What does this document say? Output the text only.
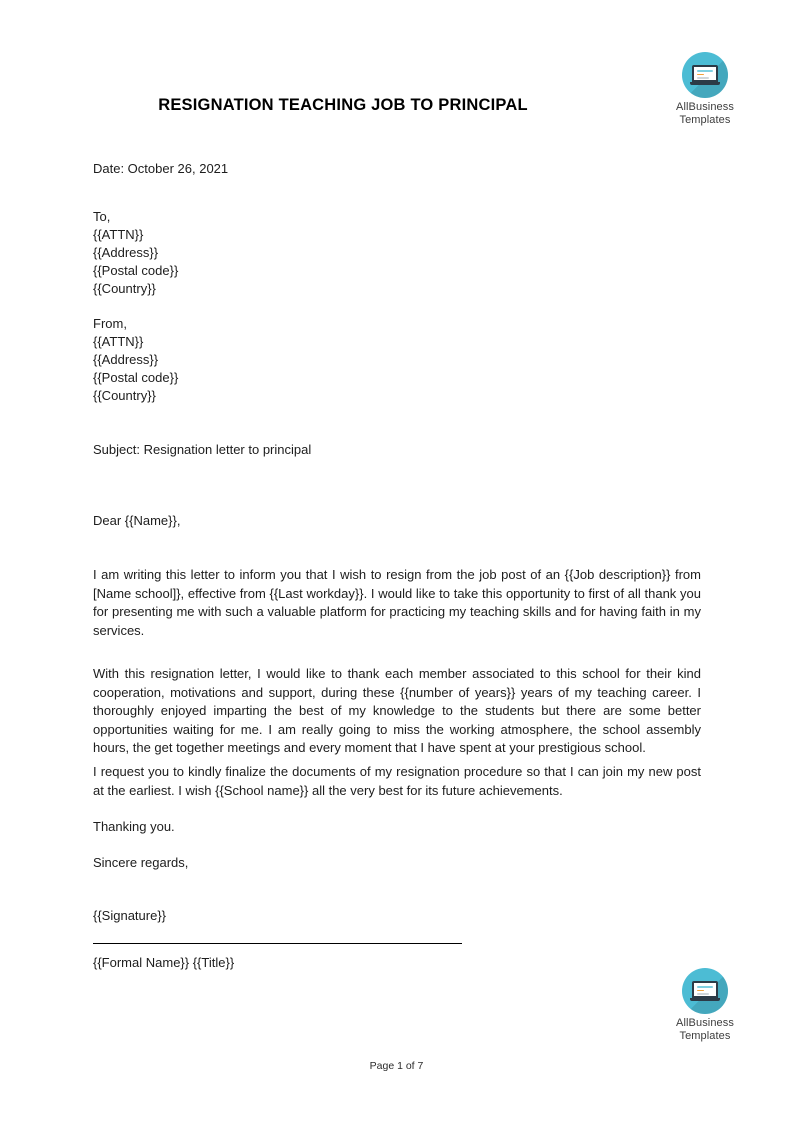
AllBusiness
Templates
RESIGNATION TEACHING JOB TO PRINCIPAL
Date: October 26, 2021
To,
{{ATTN}}
{{Address}}
{{Postal code}}
{{Country}}
From,
{{ATTN}}
{{Address}}
{{Postal code}}
{{Country}}
Subject: Resignation letter to principal
Dear {{Name}},
I am writing this letter to inform you that I wish to resign from the job post of an {{Job description}} from [Name school]}, effective from {{Last workday}}. I would like to take this opportunity to first of all thank you for presenting me with such a valuable platform for practicing my teaching skills and for having faith in my services.
With this resignation letter, I would like to thank each member associated to this school for their kind cooperation, motivations and support, during these {{number of years}} years of my teaching career. I thoroughly enjoyed imparting the best of my knowledge to the students but there are some better opportunities waiting for me. I am really going to miss the working atmosphere, the school assembly hours, the get together meetings and every moment that I have spent at your prestigious school.
I request you to kindly finalize the documents of my resignation procedure so that I can join my new post at the earliest. I wish {{School name}} all the very best for its future achievements.
Thanking you.
Sincere regards,
{{Signature}}
{{Formal Name}} {{Title}}
AllBusiness
Templates
Page 1 of 7
